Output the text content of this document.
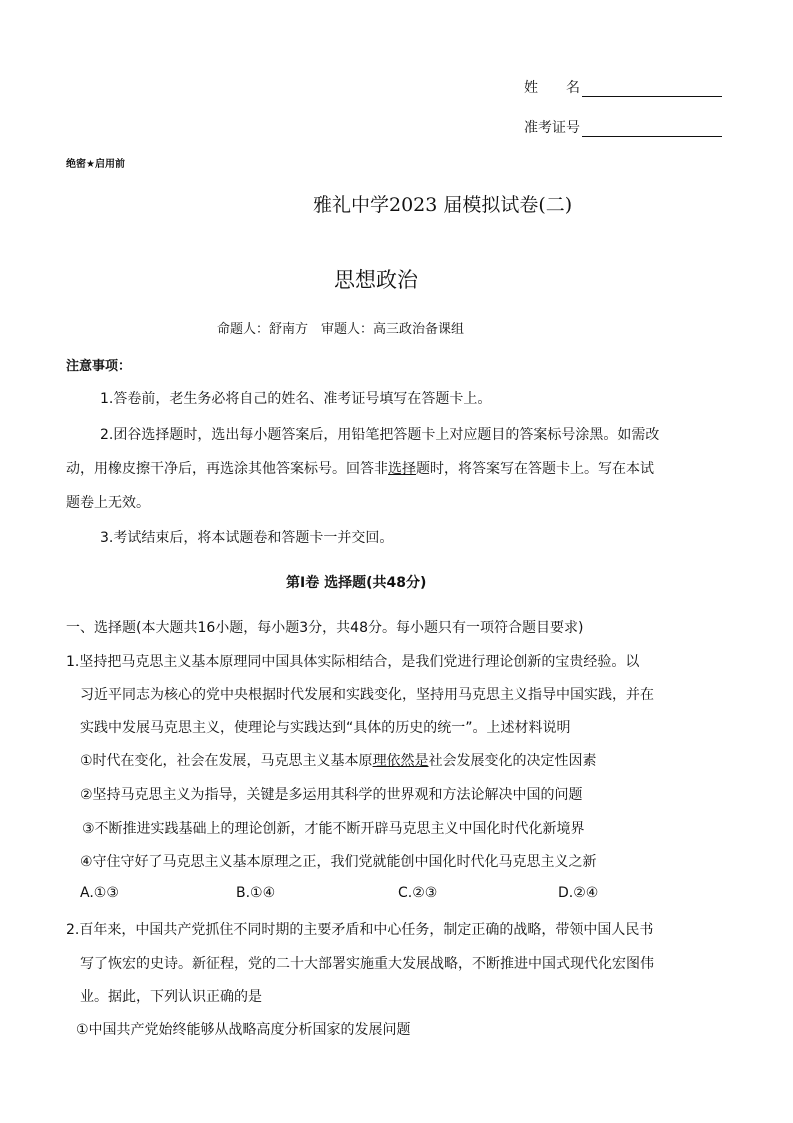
姓　　名
准考证号
绝密★启用前
雅礼中学2023 届模拟试卷(二)
思想政治
命题人：舒南方　审题人：高三政治备课组
注意事项：
1.答卷前，老生务必将自己的姓名、准考证号填写在答题卡上。
2.团谷选择题时，选出每小题答案后，用铅笔把答题卡上对应题目的答案标号涂黑。如需改
动，用橡皮擦干净后，再选涂其他答案标号。回答非选择题时，将答案写在答题卡上。写在本试
题卷上无效。
3.考试结束后，将本试题卷和答题卡一并交回。
第Ⅰ卷 选择题(共48分)
一、选择题(本大题共16小题，每小题3分，共48分。每小题只有一项符合题目要求)
1.坚持把马克思主义基本原理同中国具体实际相结合，是我们党进行理论创新的宝贵经验。以
习近平同志为核心的党中央根据时代发展和实践变化，坚持用马克思主义指导中国实践，并在
实践中发展马克思主义，使理论与实践达到“具体的历史的统一”。上述材料说明
①时代在变化，社会在发展，马克思主义基本原理依然是社会发展变化的决定性因素
②坚持马克思主义为指导，关键是多运用其科学的世界观和方法论解决中国的问题
③不断推进实践基础上的理论创新，才能不断开辟马克思主义中国化时代化新境界
④守住守好了马克思主义基本原理之正，我们党就能创中国化时代化马克思主义之新
A.①③	B.①④	C.②③	D.②④
2.百年来，中国共产党抓住不同时期的主要矛盾和中心任务，制定正确的战略，带领中国人民书
写了恢宏的史诗。新征程，党的二十大部署实施重大发展战略，不断推进中国式现代化宏图伟
业。据此，下列认识正确的是
①中国共产党始终能够从战略高度分析国家的发展问题
